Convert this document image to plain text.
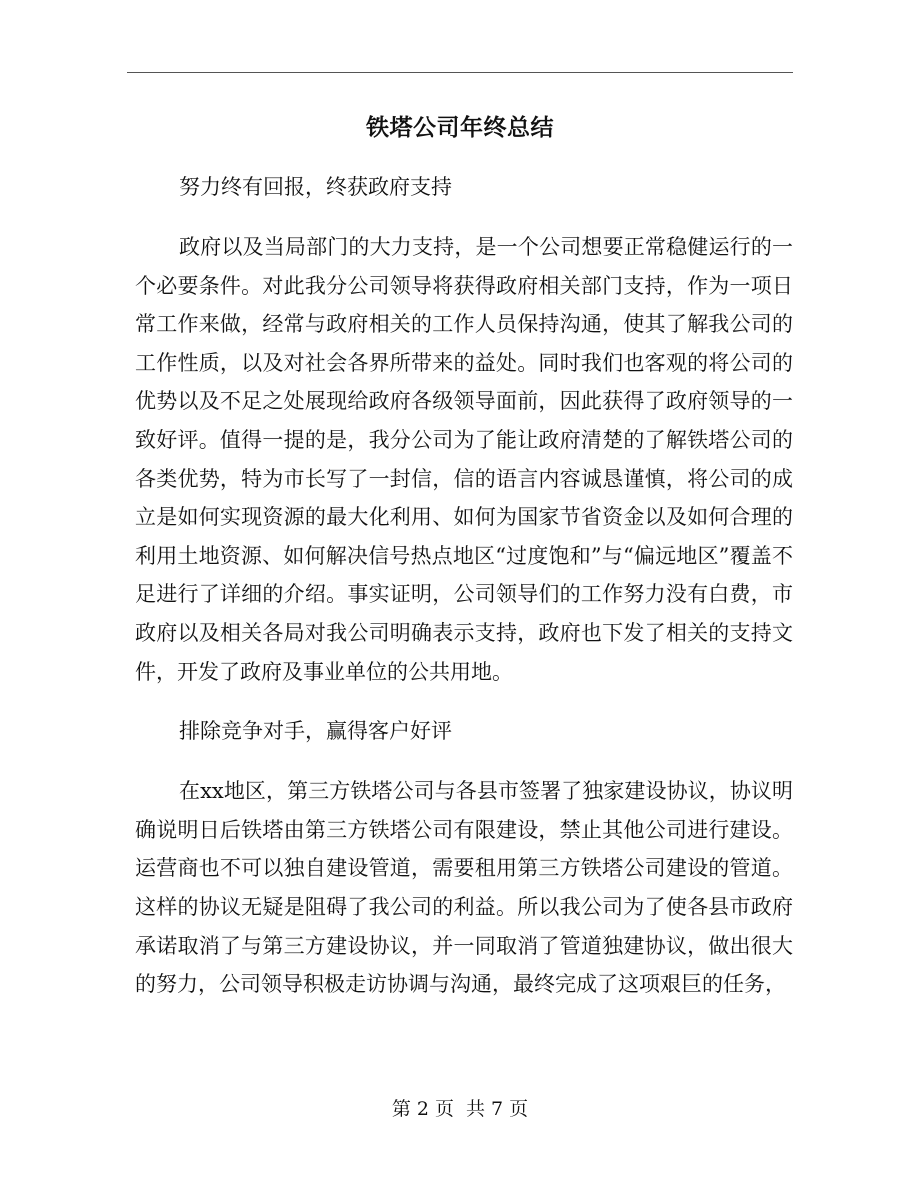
铁塔公司年终总结

努力终有回报，终获政府支持

政府以及当局部门的大力支持，是一个公司想要正常稳健运行的一个必要条件。对此我分公司领导将获得政府相关部门支持，作为一项日常工作来做，经常与政府相关的工作人员保持沟通，使其了解我公司的工作性质，以及对社会各界所带来的益处。同时我们也客观的将公司的优势以及不足之处展现给政府各级领导面前，因此获得了政府领导的一致好评。值得一提的是，我分公司为了能让政府清楚的了解铁塔公司的各类优势，特为市长写了一封信，信的语言内容诚恳谨慎，将公司的成立是如何实现资源的最大化利用、如何为国家节省资金以及如何合理的利用土地资源、如何解决信号热点地区“过度饱和”与“偏远地区”覆盖不足进行了详细的介绍。事实证明，公司领导们的工作努力没有白费，市政府以及相关各局对我公司明确表示支持，政府也下发了相关的支持文件，开发了政府及事业单位的公共用地。

排除竞争对手，赢得客户好评

在xx地区，第三方铁塔公司与各县市签署了独家建设协议，协议明确说明日后铁塔由第三方铁塔公司有限建设，禁止其他公司进行建设。运营商也不可以独自建设管道，需要租用第三方铁塔公司建设的管道。这样的协议无疑是阻碍了我公司的利益。所以我公司为了使各县市政府承诺取消了与第三方建设协议，并一同取消了管道独建协议，做出很大的努力，公司领导积极走访协调与沟通，最终完成了这项艰巨的任务，

第 2 页 共 7 页
